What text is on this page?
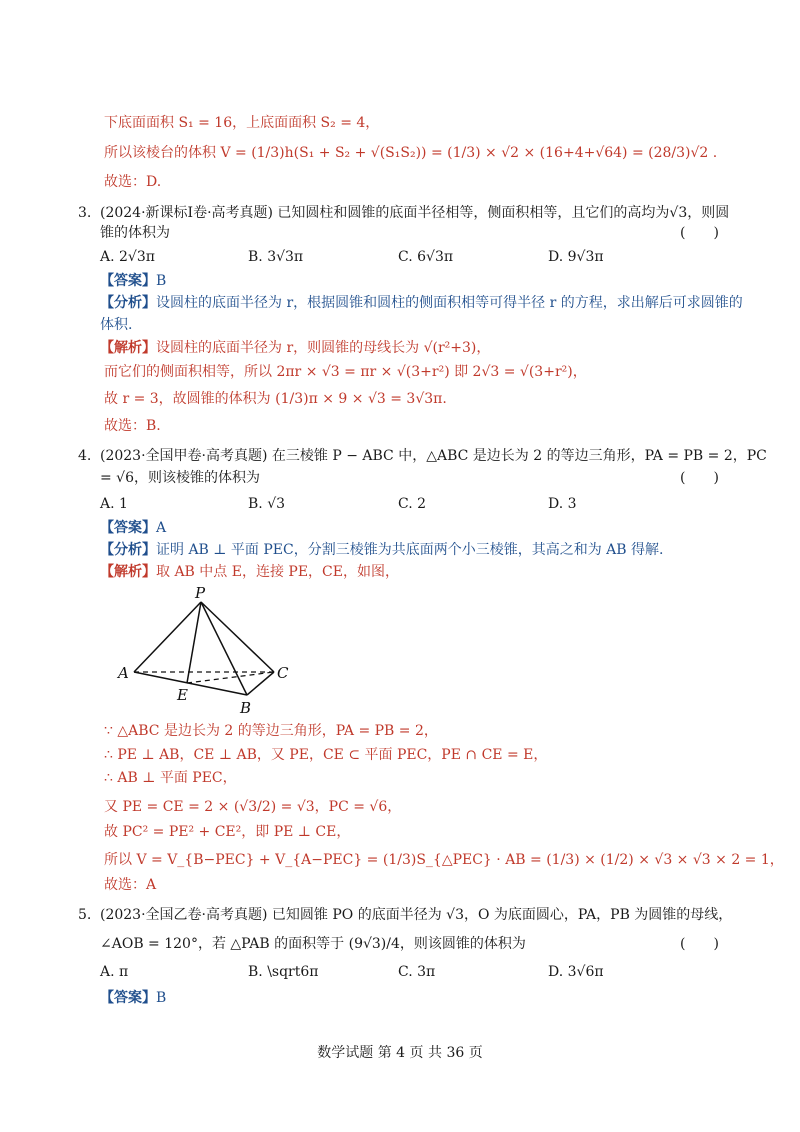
下底面面积 S₁ = 16，上底面面积 S₂ = 4，
所以该棱台的体积 V = (1/3)h(S₁ + S₂ + √(S₁S₂)) = (1/3) × √2 × (16+4+√64) = (28/3)√2 .
故选：D.
3. (2024·新课标Ⅰ卷·高考真题) 已知圆柱和圆锥的底面半径相等，侧面积相等，且它们的高均为√3，则圆
锥的体积为	(　　)
A. 2√3π	B. 3√3π	C. 6√3π	D. 9√3π
【答案】B
【分析】设圆柱的底面半径为 r，根据圆锥和圆柱的侧面积相等可得半径 r 的方程，求出解后可求圆锥的
体积.
【解析】设圆柱的底面半径为 r，则圆锥的母线长为 √(r²+3)，
而它们的侧面积相等，所以 2πr × √3 = πr × √(3+r²) 即 2√3 = √(3+r²)，
故 r = 3，故圆锥的体积为 (1/3)π × 9 × √3 = 3√3π.
故选：B.
4. (2023·全国甲卷·高考真题) 在三棱锥 P − ABC 中，△ABC 是边长为 2 的等边三角形，PA = PB = 2，PC
= √6，则该棱锥的体积为	(　　)
A. 1	B. √3	C. 2	D. 3
【答案】A
【分析】证明 AB ⊥ 平面 PEC，分割三棱锥为共底面两个小三棱锥，其高之和为 AB 得解.
【解析】取 AB 中点 E，连接 PE，CE，如图，
P
A	C
E
B
∵ △ABC 是边长为 2 的等边三角形，PA = PB = 2，
∴ PE ⊥ AB，CE ⊥ AB，又 PE，CE ⊂ 平面 PEC，PE ∩ CE = E，
∴ AB ⊥ 平面 PEC，
又 PE = CE = 2 × (√3/2) = √3，PC = √6，
故 PC² = PE² + CE²，即 PE ⊥ CE，
所以 V = V_{B−PEC} + V_{A−PEC} = (1/3)S_{△PEC} · AB = (1/3) × (1/2) × √3 × √3 × 2 = 1，
故选：A
5. (2023·全国乙卷·高考真题) 已知圆锥 PO 的底面半径为 √3，O 为底面圆心，PA，PB 为圆锥的母线，
∠AOB = 120°，若 △PAB 的面积等于 (9√3)/4，则该圆锥的体积为	(　　)
A. π	B. \sqrt6π	C. 3π	D. 3√6π
【答案】B
数学试题 第 4 页 共 36 页
